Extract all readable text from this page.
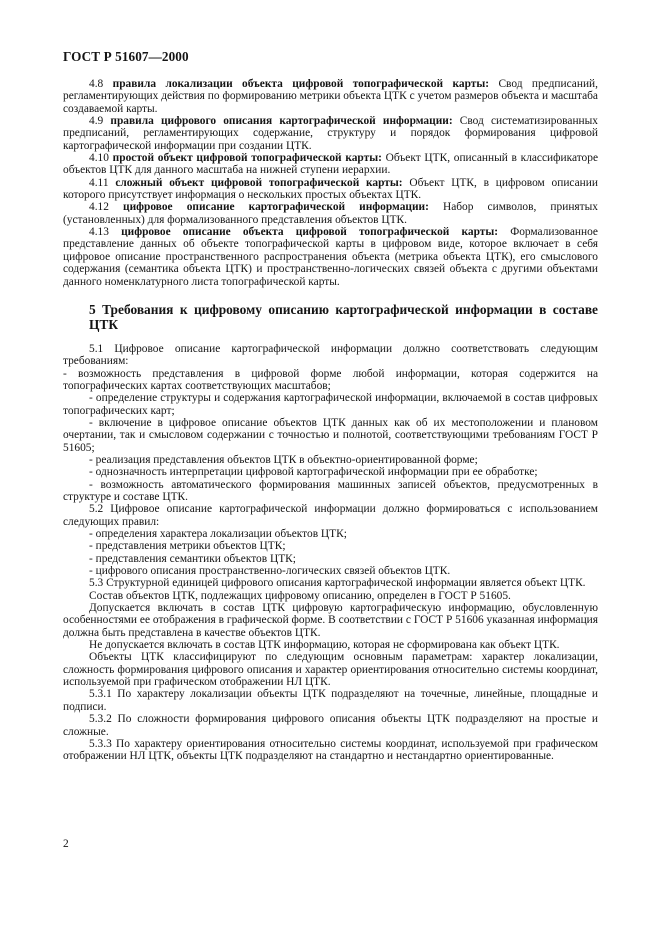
ГОСТ Р 51607—2000

4.8 правила локализации объекта цифровой топографической карты: Свод предписаний, регламентирующих действия по формированию метрики объекта ЦТК с учетом размеров объекта и масштаба создаваемой карты.

4.9 правила цифрового описания картографической информации: Свод систематизированных предписаний, регламентирующих содержание, структуру и порядок формирования цифровой картографической информации при создании ЦТК.

4.10 простой объект цифровой топографической карты: Объект ЦТК, описанный в классификаторе объектов ЦТК для данного масштаба на нижней ступени иерархии.

4.11 сложный объект цифровой топографической карты: Объект ЦТК, в цифровом описании которого присутствует информация о нескольких простых объектах ЦТК.

4.12 цифровое описание картографической информации: Набор символов, принятых (установленных) для формализованного представления объектов ЦТК.

4.13 цифровое описание объекта цифровой топографической карты: Формализованное представление данных об объекте топографической карты в цифровом виде, которое включает в себя цифровое описание пространственного распространения объекта (метрика объекта ЦТК), его смыслового содержания (семантика объекта ЦТК) и пространственно-логических связей объекта с другими объектами данного номенклатурного листа топографической карты.

5 Требования к цифровому описанию картографической информации в составе ЦТК

5.1 Цифровое описание картографической информации должно соответствовать следующим требованиям:

- возможность представления в цифровой форме любой информации, которая содержится на топографических картах соответствующих масштабов;

- определение структуры и содержания картографической информации, включаемой в состав цифровых топографических карт;

- включение в цифровое описание объектов ЦТК данных как об их местоположении и плановом очертании, так и смысловом содержании с точностью и полнотой, соответствующими требованиям ГОСТ Р 51605;

- реализация представления объектов ЦТК в объектно-ориентированной форме;

- однозначность интерпретации цифровой картографической информации при ее обработке;

- возможность автоматического формирования машинных записей объектов, предусмотренных в структуре и составе ЦТК.

5.2 Цифровое описание картографической информации должно формироваться с использованием следующих правил:

- определения характера локализации объектов ЦТК;

- представления метрики объектов ЦТК;

- представления семантики объектов ЦТК;

- цифрового описания пространственно-логических связей объектов ЦТК.

5.3 Структурной единицей цифрового описания картографической информации является объект ЦТК.

Состав объектов ЦТК, подлежащих цифровому описанию, определен в ГОСТ Р 51605.

Допускается включать в состав ЦТК цифровую картографическую информацию, обусловленную особенностями ее отображения в графической форме. В соответствии с ГОСТ Р 51606 указанная информация должна быть представлена в качестве объектов ЦТК.

Не допускается включать в состав ЦТК информацию, которая не сформирована как объект ЦТК.

Объекты ЦТК классифицируют по следующим основным параметрам: характер локализации, сложность формирования цифрового описания и характер ориентирования относительно системы координат, используемой при графическом отображении НЛ ЦТК.

5.3.1 По характеру локализации объекты ЦТК подразделяют на точечные, линейные, площадные и подписи.

5.3.2 По сложности формирования цифрового описания объекты ЦТК подразделяют на простые и сложные.

5.3.3 По характеру ориентирования относительно системы координат, используемой при графическом отображении НЛ ЦТК, объекты ЦТК подразделяют на стандартно и нестандартно ориентированные.

2
